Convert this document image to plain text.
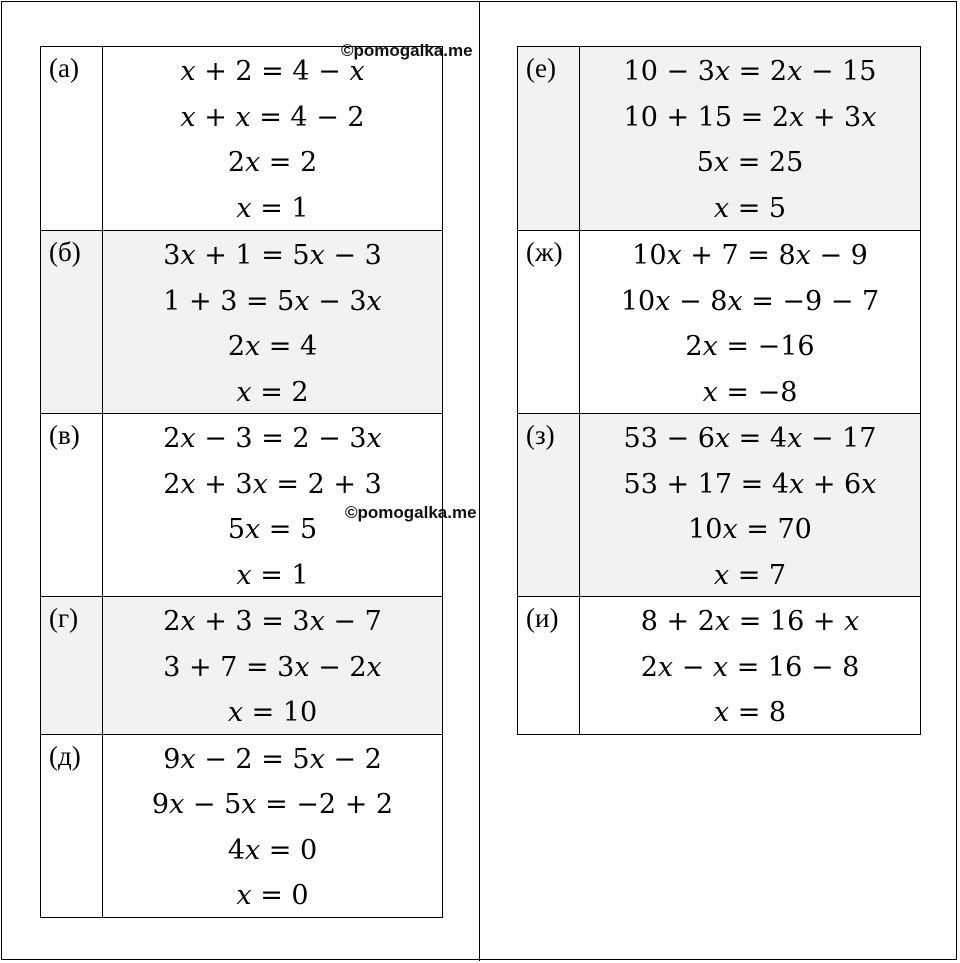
(а)	𝑥 + 2 = 4 − 𝑥
𝑥 + 𝑥 = 4 − 2
2𝑥 = 2
𝑥 = 1
(б)	3𝑥 + 1 = 5𝑥 − 3
1 + 3 = 5𝑥 − 3𝑥
2𝑥 = 4
𝑥 = 2
(в)	2𝑥 − 3 = 2 − 3𝑥
2𝑥 + 3𝑥 = 2 + 3
5𝑥 = 5
𝑥 = 1
(г)	2𝑥 + 3 = 3𝑥 − 7
3 + 7 = 3𝑥 − 2𝑥
𝑥 = 10
(д)	9𝑥 − 2 = 5𝑥 − 2
9𝑥 − 5𝑥 = −2 + 2
4𝑥 = 0
𝑥 = 0
(е)	10 − 3𝑥 = 2𝑥 − 15
10 + 15 = 2𝑥 + 3𝑥
5𝑥 = 25
𝑥 = 5
(ж)	10𝑥 + 7 = 8𝑥 − 9
10𝑥 − 8𝑥 = −9 − 7
2𝑥 = −16
𝑥 = −8
(з)	53 − 6𝑥 = 4𝑥 − 17
53 + 17 = 4𝑥 + 6𝑥
10𝑥 = 70
𝑥 = 7
(и)	8 + 2𝑥 = 16 + 𝑥
2𝑥 − 𝑥 = 16 − 8
𝑥 = 8
©pomogalka.me
©pomogalka.me
